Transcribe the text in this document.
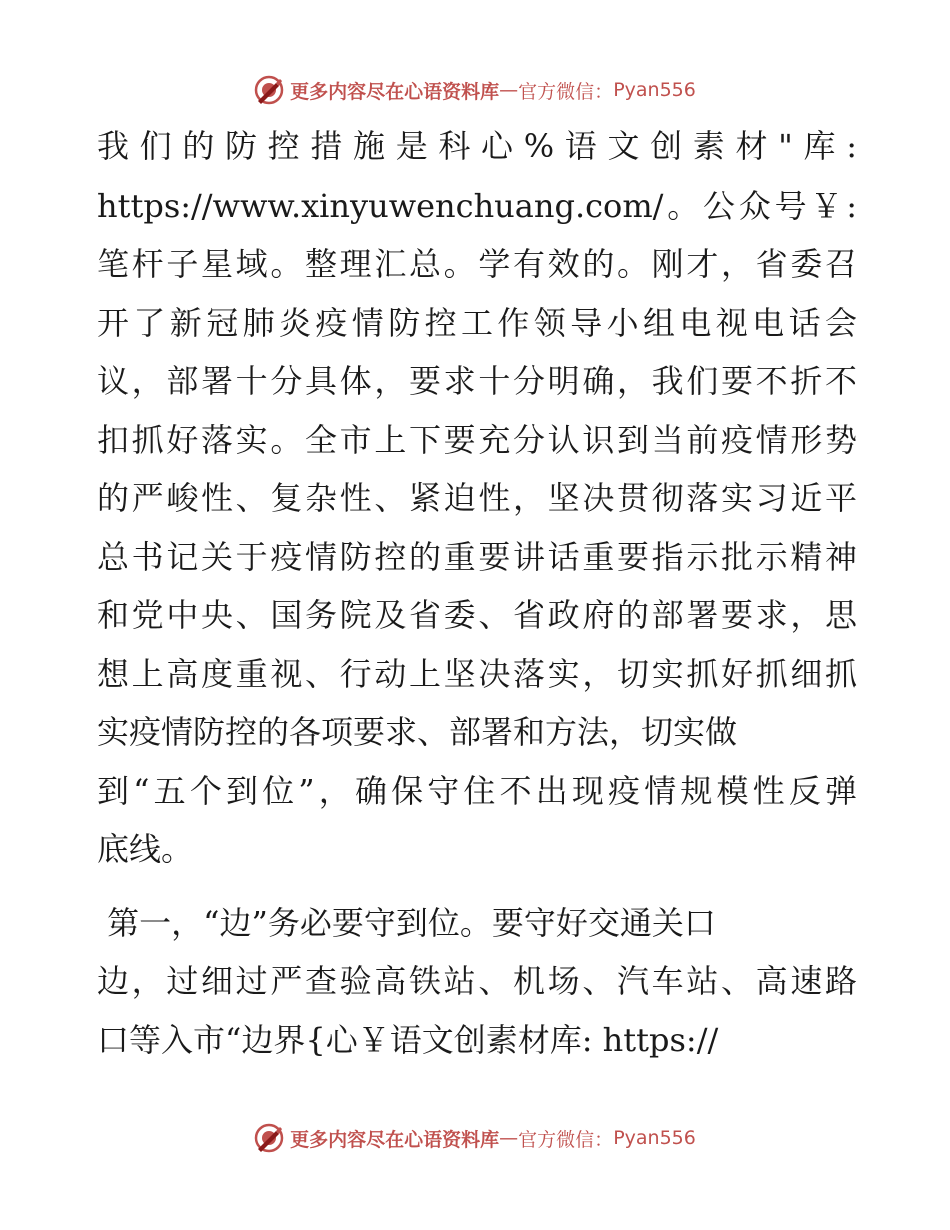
更多内容尽在心语资料库 — 官方微信： Pyan556
我们的防控措施是科心%语文创素材"库:
https://www.xinyuwenchuang.com/。公众号￥:
笔杆子星域。整理汇总。学有效的。刚才，省委召
开了新冠肺炎疫情防控工作领导小组电视电话会
议，部署十分具体，要求十分明确，我们要不折不
扣抓好落实。全市上下要充分认识到当前疫情形势
的严峻性、复杂性、紧迫性，坚决贯彻落实习近平
总书记关于疫情防控的重要讲话重要指示批示精神
和党中央、国务院及省委、省政府的部署要求，思
想上高度重视、行动上坚决落实，切实抓好抓细抓
实疫情防控的各项要求、部署和方法，切实做
到“五个到位”，确保守住不出现疫情规模性反弹
底线。
第一，“边”务必要守到位。要守好交通关口
边，过细过严查验高铁站、机场、汽车站、高速路
口等入市“边界{心￥语文创素材库: https://
更多内容尽在心语资料库 — 官方微信： Pyan556
